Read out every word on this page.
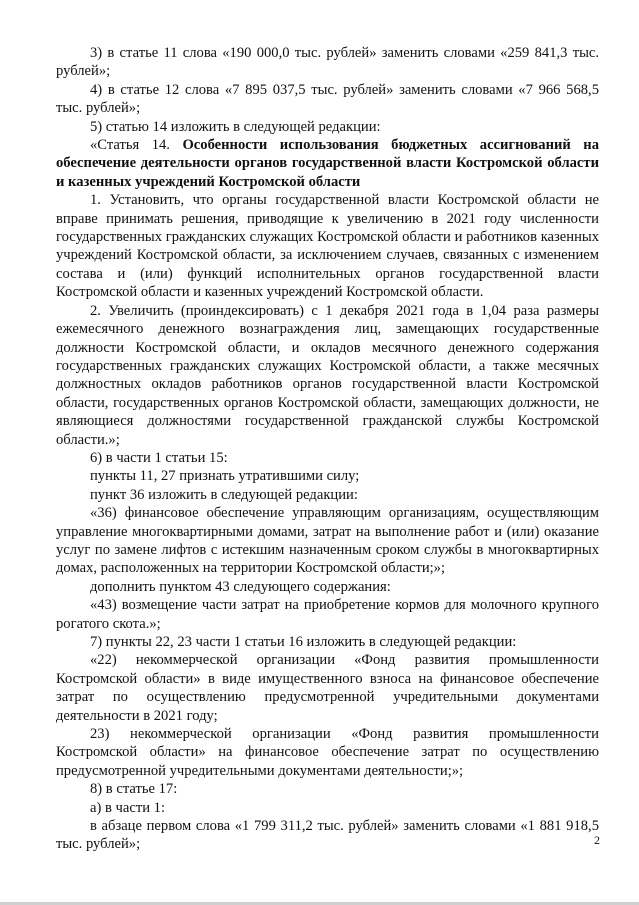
3) в статье 11 слова «190 000,0 тыс. рублей» заменить словами «259 841,3 тыс. рублей»;

4) в статье 12 слова «7 895 037,5 тыс. рублей» заменить словами «7 966 568,5 тыс. рублей»;

5) статью 14 изложить в следующей редакции:

«Статья 14. Особенности использования бюджетных ассигнований на обеспечение деятельности органов государственной власти Костромской области и казенных учреждений Костромской области

1. Установить, что органы государственной власти Костромской области не вправе принимать решения, приводящие к увеличению в 2021 году численности государственных гражданских служащих Костромской области и работников казенных учреждений Костромской области, за исключением случаев, связанных с изменением состава и (или) функций исполнительных органов государственной власти Костромской области и казенных учреждений Костромской области.

2. Увеличить (проиндексировать) с 1 декабря 2021 года в 1,04 раза размеры ежемесячного денежного вознаграждения лиц, замещающих государственные должности Костромской области, и окладов месячного денежного содержания государственных гражданских служащих Костромской области, а также месячных должностных окладов работников органов государственной власти Костромской области, государственных органов Костромской области, замещающих должности, не являющиеся должностями государственной гражданской службы Костромской области.»;

6) в части 1 статьи 15:

пункты 11, 27 признать утратившими силу;

пункт 36 изложить в следующей редакции:

«36) финансовое обеспечение управляющим организациям, осуществляющим управление многоквартирными домами, затрат на выполнение работ и (или) оказание услуг по замене лифтов с истекшим назначенным сроком службы в многоквартирных домах, расположенных на территории Костромской области;»;

дополнить пунктом 43 следующего содержания:

«43) возмещение части затрат на приобретение кормов для молочного крупного рогатого скота.»;

7) пункты 22, 23 части 1 статьи 16 изложить в следующей редакции:

«22) некоммерческой организации «Фонд развития промышленности Костромской области» в виде имущественного взноса на финансовое обеспечение затрат по осуществлению предусмотренной учредительными документами деятельности в 2021 году;

23) некоммерческой организации «Фонд развития промышленности Костромской области» на финансовое обеспечение затрат по осуществлению предусмотренной учредительными документами деятельности;»;

8) в статье 17:

а) в части 1:

в абзаце первом слова «1 799 311,2 тыс. рублей» заменить словами «1 881 918,5 тыс. рублей»;	2
